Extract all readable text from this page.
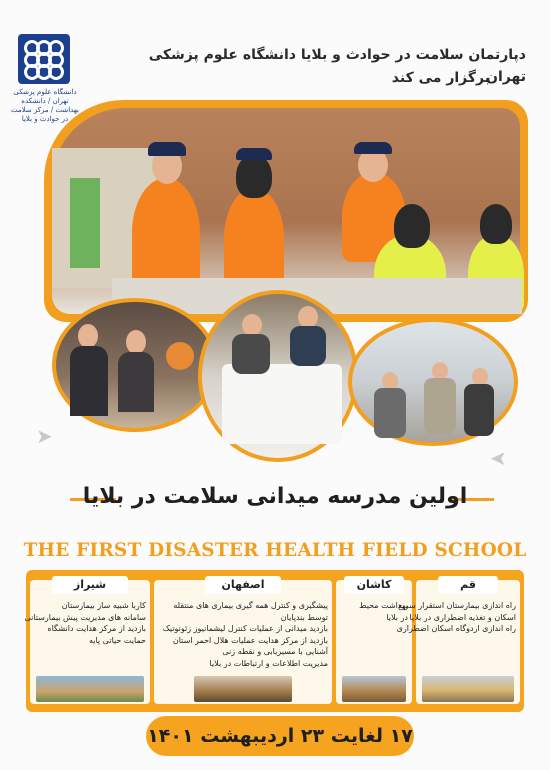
دانشگاه علوم پزشکی تهران / دانشکده بهداشت / مرکز سلامت در حوادث و بلایا
دپارتمان سلامت در حوادث و بلایا دانشگاه علوم پزشکی تهران
برگزار می کند
➤
➤
اولین مدرسه میدانی سلامت در بلایا
THE FIRST DISASTER HEALTH FIELD SCHOOL
شیراز
کاربا شبیه ساز بیمارستان
سامانه های مدیریت پیش بیمارستانی
بازدید از مرکز هدایت دانشگاه
حمایت حیاتی پایه
اصفهان
پیشگیری و کنترل همه گیری بیماری های منتقله
توسط بندپایان
بازدید میدانی از عملیات کنترل لیشمانیوز زئونوتیک
بازدید از مرکز هدایت عملیات هلال احمر استان
آشنایی با مسیریابی و نقطه زنی
مدیریت اطلاعات و ارتباطات در بلایا
کاشان
بهداشت محیط
در بلایا
قم
راه اندازی بیمارستان استقرار سریع
اسکان و تغذیه اضطراری در بلایا
راه اندازی اردوگاه اسکان اضطراری
۱۷ لغایت ۲۳ اردیبهشت ۱۴۰۱
